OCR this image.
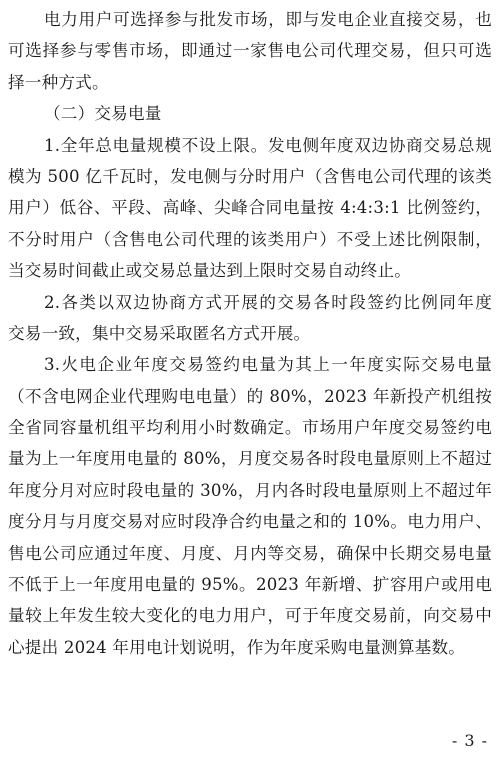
电力用户可选择参与批发市场，即与发电企业直接交易，也
可选择参与零售市场，即通过一家售电公司代理交易，但只可选
择一种方式。
（二）交易电量
1.全年总电量规模不设上限。发电侧年度双边协商交易总规
模为 500 亿千瓦时，发电侧与分时用户（含售电公司代理的该类
用户）低谷、平段、高峰、尖峰合同电量按 4:4:3:1 比例签约，
不分时用户（含售电公司代理的该类用户）不受上述比例限制，
当交易时间截止或交易总量达到上限时交易自动终止。
2.各类以双边协商方式开展的交易各时段签约比例同年度
交易一致，集中交易采取匿名方式开展。
3.火电企业年度交易签约电量为其上一年度实际交易电量
（不含电网企业代理购电电量）的 80%，2023 年新投产机组按
全省同容量机组平均利用小时数确定。市场用户年度交易签约电
量为上一年度用电量的 80%，月度交易各时段电量原则上不超过
年度分月对应时段电量的 30%，月内各时段电量原则上不超过年
度分月与月度交易对应时段净合约电量之和的 10%。电力用户、
售电公司应通过年度、月度、月内等交易，确保中长期交易电量
不低于上一年度用电量的 95%。2023 年新增、扩容用户或用电
量较上年发生较大变化的电力用户，可于年度交易前，向交易中
心提出 2024 年用电计划说明，作为年度采购电量测算基数。
- 3 -
